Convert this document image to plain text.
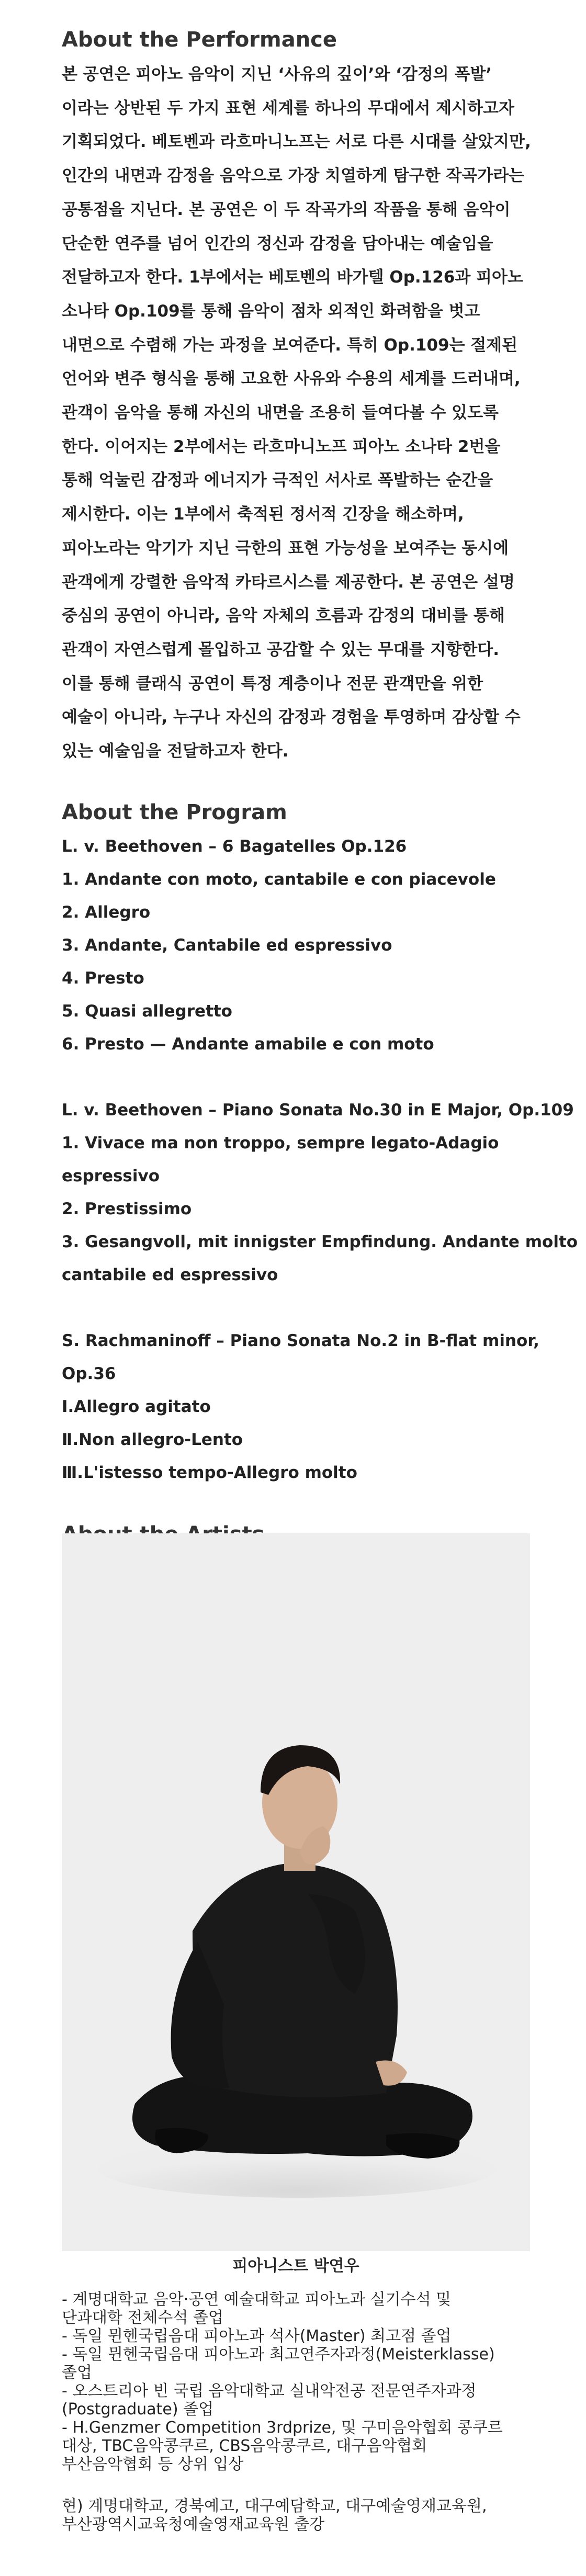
About the Performance
본 공연은 피아노 음악이 지닌 ‘사유의 깊이’와 ‘감정의 폭발’
이라는 상반된 두 가지 표현 세계를 하나의 무대에서 제시하고자
기획되었다. 베토벤과 라흐마니노프는 서로 다른 시대를 살았지만,
인간의 내면과 감정을 음악으로 가장 치열하게 탐구한 작곡가라는
공통점을 지닌다. 본 공연은 이 두 작곡가의 작품을 통해 음악이
단순한 연주를 넘어 인간의 정신과 감정을 담아내는 예술임을
전달하고자 한다. 1부에서는 베토벤의 바가텔 Op.126과 피아노
소나타 Op.109를 통해 음악이 점차 외적인 화려함을 벗고
내면으로 수렴해 가는 과정을 보여준다. 특히 Op.109는 절제된
언어와 변주 형식을 통해 고요한 사유와 수용의 세계를 드러내며,
관객이 음악을 통해 자신의 내면을 조용히 들여다볼 수 있도록
한다. 이어지는 2부에서는 라흐마니노프 피아노 소나타 2번을
통해 억눌린 감정과 에너지가 극적인 서사로 폭발하는 순간을
제시한다. 이는 1부에서 축적된 정서적 긴장을 해소하며,
피아노라는 악기가 지닌 극한의 표현 가능성을 보여주는 동시에
관객에게 강렬한 음악적 카타르시스를 제공한다. 본 공연은 설명
중심의 공연이 아니라, 음악 자체의 흐름과 감정의 대비를 통해
관객이 자연스럽게 몰입하고 공감할 수 있는 무대를 지향한다.
이를 통해 클래식 공연이 특정 계층이나 전문 관객만을 위한
예술이 아니라, 누구나 자신의 감정과 경험을 투영하며 감상할 수
있는 예술임을 전달하고자 한다.
About the Program
L. v. Beethoven – 6 Bagatelles Op.126
1. Andante con moto, cantabile e con piacevole
2. Allegro
3. Andante, Cantabile ed espressivo
4. Presto
5. Quasi allegretto
6. Presto — Andante amabile e con moto
L. v. Beethoven – Piano Sonata No.30 in E Major, Op.109
1. Vivace ma non troppo, sempre legato-Adagio
espressivo
2. Prestissimo
3. Gesangvoll, mit innigster Empfindung. Andante molto
cantabile ed espressivo
S. Rachmaninoff – Piano Sonata No.2 in B-flat minor,
Op.36
Ⅰ.Allegro agitato
Ⅱ.Non allegro-Lento
Ⅲ.L'istesso tempo-Allegro molto
피아니스트 박연우
- 계명대학교 음악·공연 예술대학교 피아노과 실기수석 및
단과대학 전체수석 졸업
- 독일 뮌헨국립음대 피아노과 석사(Master) 최고점 졸업
- 독일 뮌헨국립음대 피아노과 최고연주자과정(Meisterklasse)
졸업
- 오스트리아 빈 국립 음악대학교 실내악전공 전문연주자과정
(Postgraduate) 졸업
- H.Genzmer Competition 3rdprize, 및 구미음악협회 콩쿠르
대상, TBC음악콩쿠르, CBS음악콩쿠르, 대구음악협회
부산음악협회 등 상위 입상
현) 계명대학교, 경북예고, 대구예담학교, 대구예술영재교육원,
부산광역시교육청예술영재교육원 출강
